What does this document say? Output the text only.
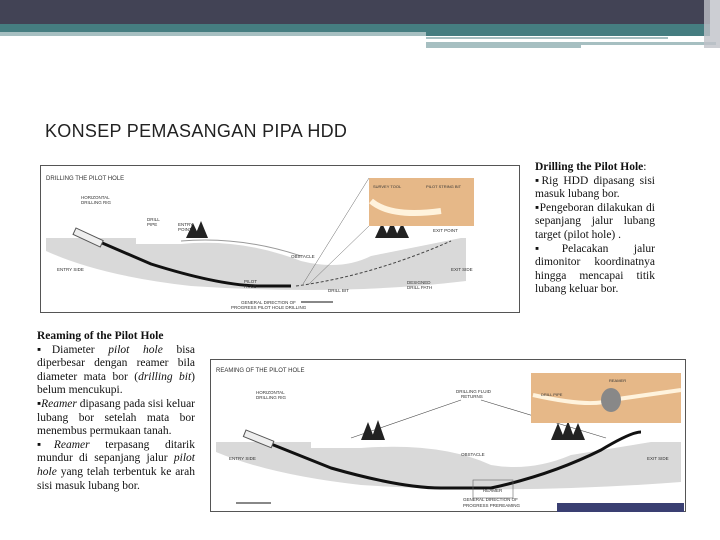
KONSEP PEMASANGAN PIPA HDD
DRILLING THE PILOT HOLE
HORIZONTAL
DRILLING RIG
DRILL
PIPE	ENTRY
POINT
ENTRY SIDE
OBSTACLE
EXIT POINT
EXIT SIDE
PILOT
HOLE
DRILL BIT
DESIGNED
DRILL PATH
GENERAL DIRECTION OF
PROGRESS PILOT HOLE DRILLING
SURVEY TOOL	PILOT STRING BIT
Drilling the Pilot Hole:
▪Rig HDD dipasang sisi masuk lubang bor.
▪Pengeboran dilakukan di sepanjang jalur lubang target (pilot hole) .
▪Pelacakan jalur dimonitor koordinatnya hingga mencapai titik lubang keluar bor.
Reaming of the Pilot Hole
▪Diameter pilot hole bisa diperbesar dengan reamer bila diameter mata bor (drilling bit) belum mencukupi.
▪Reamer dipasang pada sisi keluar lubang bor setelah mata bor menembus permukaan tanah.
▪Reamer terpasang ditarik mundur di sepanjang jalur pilot hole yang telah terbentuk ke arah sisi masuk lubang bor.
REAMING OF THE PILOT HOLE
HORIZONTAL
DRILLING RIG
DRILLING FLUID
RETURNS
ENTRY SIDE
OBSTACLE
EXIT SIDE
REAMER
GENERAL DIRECTION OF
PROGRESS PREREAMING
REAMER
DRILL PIPE
